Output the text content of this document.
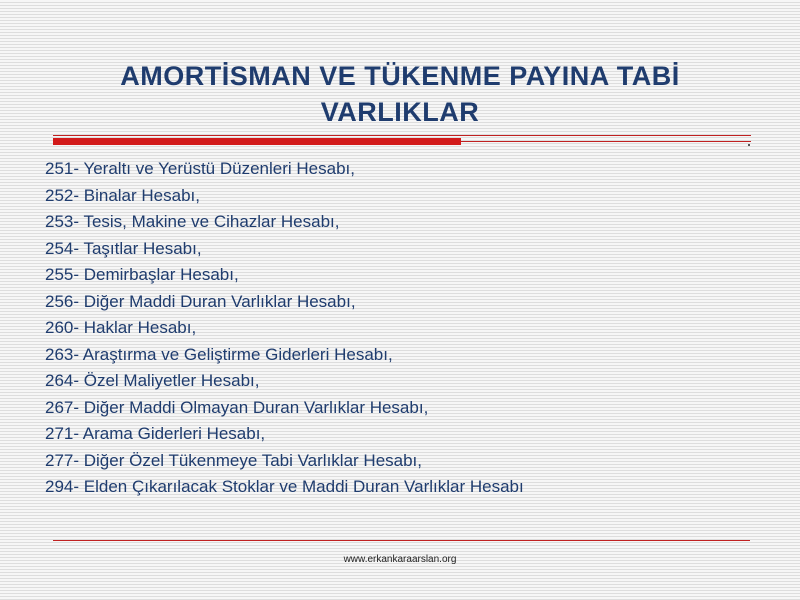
AMORTİSMAN VE TÜKENME PAYINA TABİ
VARLIKLAR
251- Yeraltı ve Yerüstü Düzenleri Hesabı,
252- Binalar Hesabı,
253- Tesis, Makine ve Cihazlar Hesabı,
254- Taşıtlar Hesabı,
255- Demirbaşlar Hesabı,
256- Diğer Maddi Duran Varlıklar Hesabı,
260- Haklar Hesabı,
263- Araştırma ve Geliştirme Giderleri Hesabı,
264- Özel Maliyetler Hesabı,
267- Diğer Maddi Olmayan Duran Varlıklar Hesabı,
271- Arama Giderleri Hesabı,
277- Diğer Özel Tükenmeye Tabi Varlıklar Hesabı,
294- Elden Çıkarılacak Stoklar ve Maddi Duran Varlıklar Hesabı
www.erkankaraarslan.org
